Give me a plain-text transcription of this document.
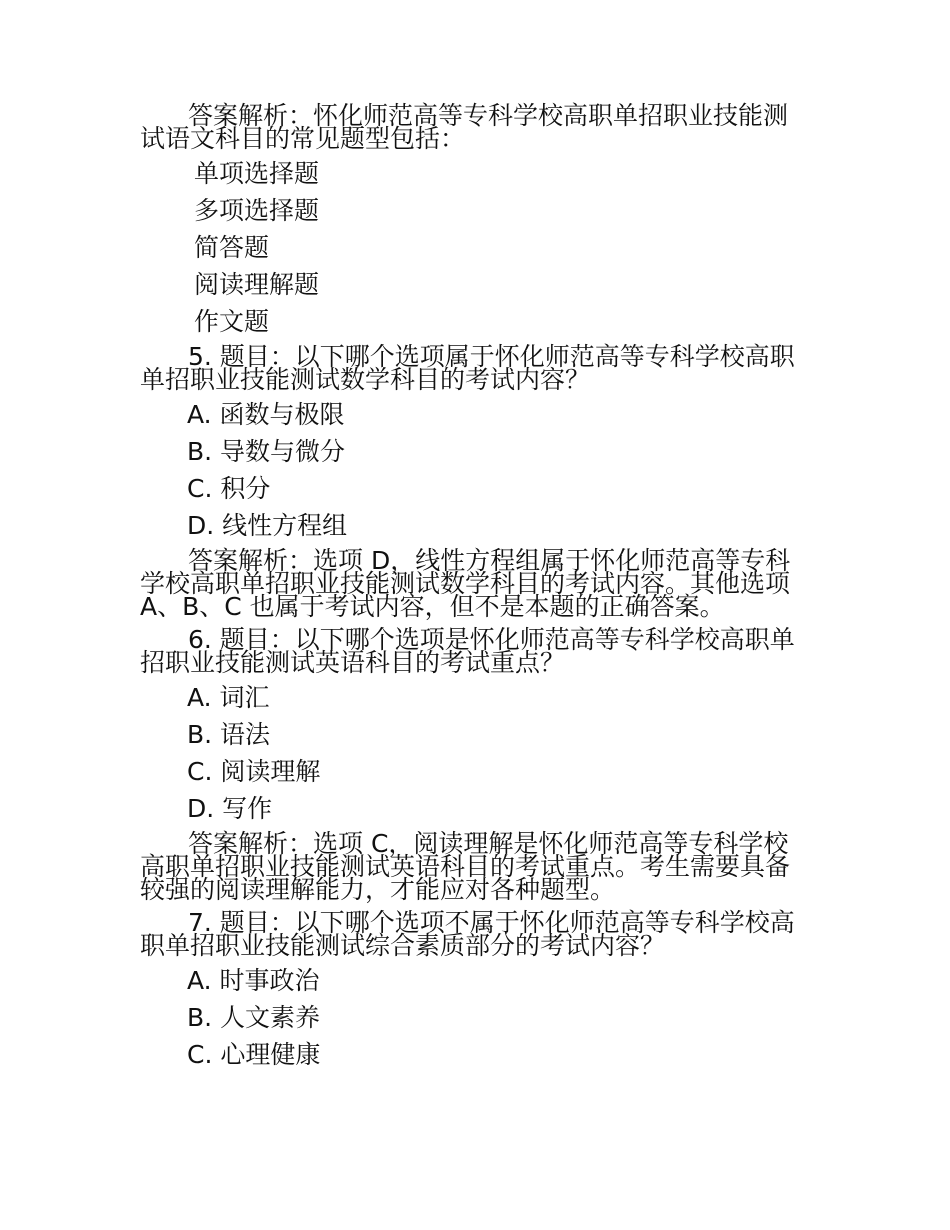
答案解析：怀化师范高等专科学校高职单招职业技能测试语文科目的常见题型包括：

单项选择题
多项选择题
简答题
阅读理解题
作文题

5. 题目：以下哪个选项属于怀化师范高等专科学校高职单招职业技能测试数学科目的考试内容？

A. 函数与极限
B. 导数与微分
C. 积分
D. 线性方程组

答案解析：选项 D，线性方程组属于怀化师范高等专科学校高职单招职业技能测试数学科目的考试内容。其他选项 A、B、C 也属于考试内容，但不是本题的正确答案。

6. 题目：以下哪个选项是怀化师范高等专科学校高职单招职业技能测试英语科目的考试重点？

A. 词汇
B. 语法
C. 阅读理解
D. 写作

答案解析：选项 C，阅读理解是怀化师范高等专科学校高职单招职业技能测试英语科目的考试重点。考生需要具备较强的阅读理解能力，才能应对各种题型。

7. 题目：以下哪个选项不属于怀化师范高等专科学校高职单招职业技能测试综合素质部分的考试内容？

A. 时事政治
B. 人文素养
C. 心理健康
